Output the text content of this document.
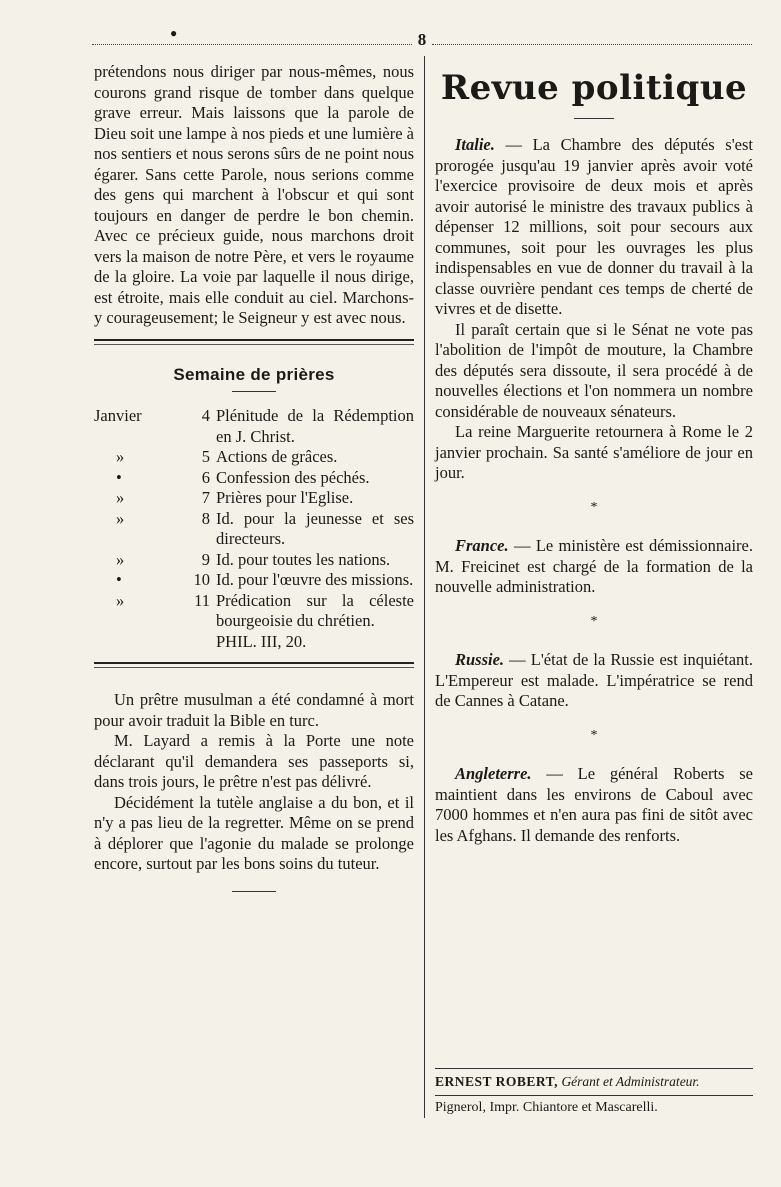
●	8

prétendons nous diriger par nous-mêmes, nous courons grand risque de tomber dans quelque grave erreur. Mais laissons que la parole de Dieu soit une lampe à nos pieds et une lumière à nos sentiers et nous serons sûrs de ne point nous égarer. Sans cette Parole, nous serions comme des gens qui marchent à l'obscur et qui sont toujours en danger de perdre le bon chemin. Avec ce précieux guide, nous marchons droit vers la maison de notre Père, et vers le royaume de la gloire. La voie par laquelle il nous dirige, est étroite, mais elle conduit au ciel. Marchons-y courageusement; le Seigneur y est avec nous.

Semaine de prières
Janvier	4	Plénitude de la Rédemption en J. Christ.
»	5	Actions de grâces.
•	6	Confession des péchés.
»	7	Prières pour l'Eglise.
»	8	Id. pour la jeunesse et ses directeurs.
»	9	Id. pour toutes les nations.
•	10	Id. pour l'œuvre des missions.
»	11	Prédication sur la céleste bourgeoisie du chrétien.
PHIL. III, 20.

Un prêtre musulman a été condamné à mort pour avoir traduit la Bible en turc.

M. Layard a remis à la Porte une note déclarant qu'il demandera ses passeports si, dans trois jours, le prêtre n'est pas délivré.

Décidément la tutèle anglaise a du bon, et il n'y a pas lieu de la regretter. Même on se prend à déplorer que l'agonie du malade se prolonge encore, surtout par les bons soins du tuteur.

Revue politique

Italie. — La Chambre des députés s'est prorogée jusqu'au 19 janvier après avoir voté l'exercice provisoire de deux mois et après avoir autorisé le ministre des travaux publics à dépenser 12 millions, soit pour secours aux communes, soit pour les ouvrages les plus indispensables en vue de donner du travail à la classe ouvrière pendant ces temps de cherté de vivres et de disette.

Il paraît certain que si le Sénat ne vote pas l'abolition de l'impôt de mouture, la Chambre des députés sera dissoute, il sera procédé à de nouvelles élections et l'on nommera un nombre considérable de nouveaux sénateurs.

La reine Marguerite retournera à Rome le 2 janvier prochain. Sa santé s'améliore de jour en jour.

*

France. — Le ministère est démissionnaire. M. Freicinet est chargé de la formation de la nouvelle administration.

*

Russie. — L'état de la Russie est inquiétant. L'Empereur est malade. L'impératrice se rend de Cannes à Catane.

*

Angleterre. — Le général Roberts se maintient dans les environs de Caboul avec 7000 hommes et n'en aura pas fini de sitôt avec les Afghans. Il demande des renforts.

ERNEST ROBERT, Gérant et Administrateur.
Pignerol, Impr. Chiantore et Mascarelli.
